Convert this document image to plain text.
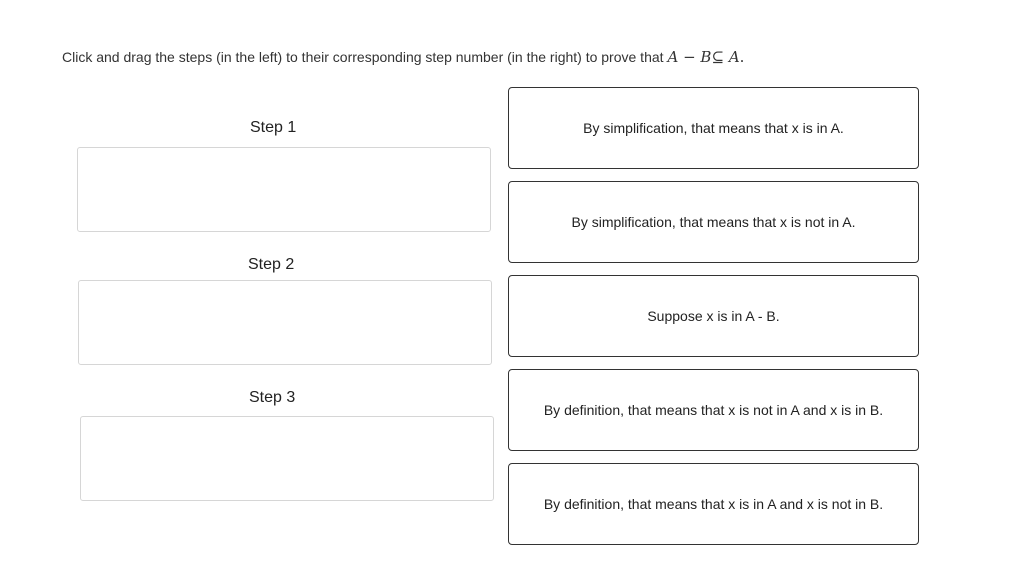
Click and drag the steps (in the left) to their corresponding step number (in the right) to prove that A − B⊆ A.
Step 1
Step 2
Step 3
By simplification, that means that x is in A.
By simplification, that means that x is not in A.
Suppose x is in A - B.
By definition, that means that x is not in A and x is in B.
By definition, that means that x is in A and x is not in B.
